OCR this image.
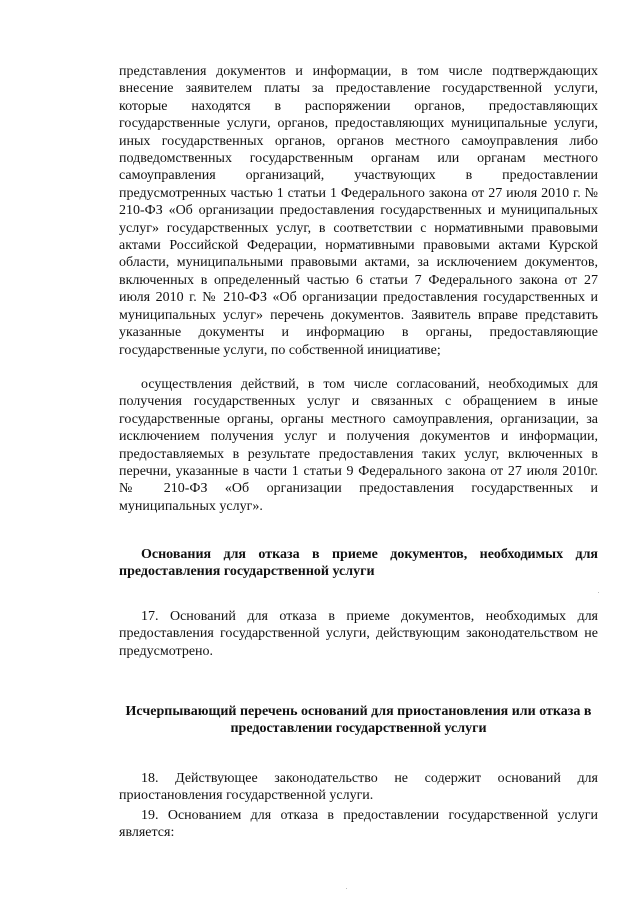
представления документов и информации, в том числе подтверждающих внесение заявителем платы за предоставление государственной услуги, которые находятся в распоряжении органов, предоставляющих государственные услуги, органов, предоставляющих муниципальные услуги, иных государственных органов, органов местного самоуправления либо подведомственных государственным органам или органам местного самоуправления организаций, участвующих в предоставлении предусмотренных частью 1 статьи 1 Федерального закона от 27 июля 2010 г. № 210-ФЗ «Об организации предоставления государственных и муниципальных услуг» государственных услуг, в соответствии с нормативными правовыми актами Российской Федерации, нормативными правовыми актами Курской области, муниципальными правовыми актами, за исключением документов, включенных в определенный частью 6 статьи 7 Федерального закона от 27 июля 2010 г. № 210-ФЗ «Об организации предоставления государственных и муниципальных услуг» перечень документов. Заявитель вправе представить указанные документы и информацию в органы, предоставляющие государственные услуги, по собственной инициативе;

осуществления действий, в том числе согласований, необходимых для получения государственных услуг и связанных с обращением в иные государственные органы, органы местного самоуправления, организации, за исключением получения услуг и получения документов и информации, предоставляемых в результате предоставления таких услуг, включенных в перечни, указанные в части 1 статьи 9 Федерального закона от 27 июля 2010г. № 210-ФЗ «Об организации предоставления государственных и муниципальных услуг».

Основания для отказа в приеме документов, необходимых для предоставления государственной услуги

17. Оснований для отказа в приеме документов, необходимых для предоставления государственной услуги, действующим законодательством не предусмотрено.

Исчерпывающий перечень оснований для приостановления или отказа в предоставлении государственной услуги

18. Действующее законодательство не содержит оснований для приостановления государственной услуги.

19. Основанием для отказа в предоставлении государственной услуги является:
